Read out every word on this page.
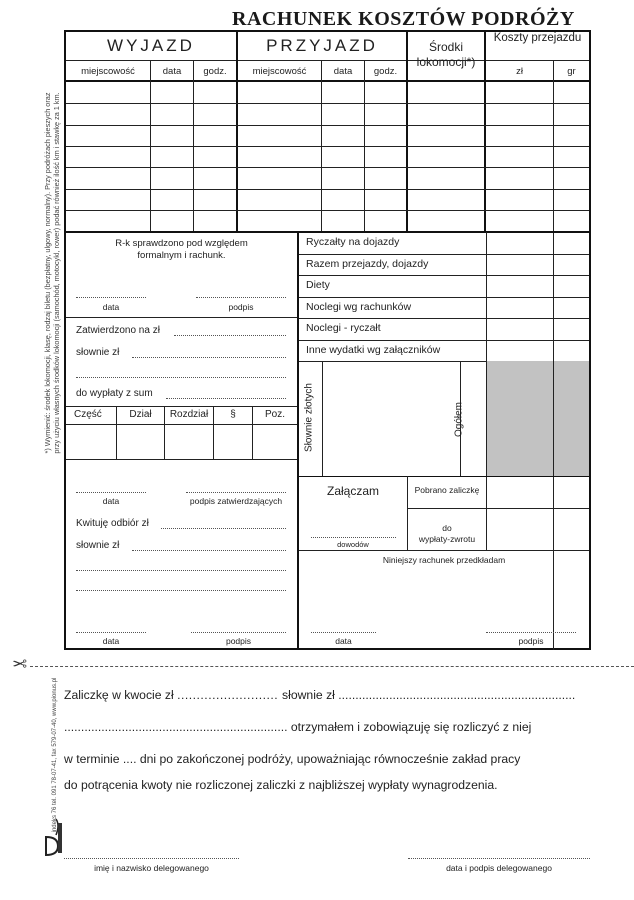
RACHUNEK KOSZTÓW PODRÓŻY
*) Wymienić: środek lokomocji, klasę, rodzaj biletu (bezpłatny, ulgowy, normalny). Przy podróżach pieszych oraz
przy użyciu własnych środków lokomocji (samochód, motocykl, rower) podać również ilość km i stawkę za 1 km.
WYJAZD	PRZYJAZD	Środki lokomocji*)
Koszty przejazdu
miejscowość	data	godz.	miejscowość	data	godz.	zł	gr
R-k sprawdzono pod względem
formalnym i rachunk.
data	podpis
Zatwierdzono na zł
słownie zł
do wypłaty z sum
Część	Dział	Rozdział	§	Poz.
data	podpis zatwierdzających
Kwituję odbiór zł
słownie zł
data	podpis
Ryczałty na dojazdy
Razem przejazdy, dojazdy
Diety
Noclegi wg rachunków
Noclegi - ryczałt
Inne wydatki wg załączników
Słownie złotych	Ogółem
Załączam
dowodów
Pobrano zaliczkę
do
wypłaty-zwrotu
Niniejszy rachunek przedkładam
data	podpis
✂
Zaliczkę w kwocie zł .......................... słownie zł ......................................................................
.................................................................. otrzymałem i zobowiązuję się rozliczyć z niej
w terminie .... dni po zakończonej podróży, upoważniając równocześnie zakład pracy
do potrącenia kwoty nie rozliczonej zaliczki z najbliższej wypłaty wynagrodzenia.
imię i nazwisko delegowanego	data i podpis delegowanego
indeks 76 tel. 091 78-07-41, fax 579-07-40, www.pionus.pl
